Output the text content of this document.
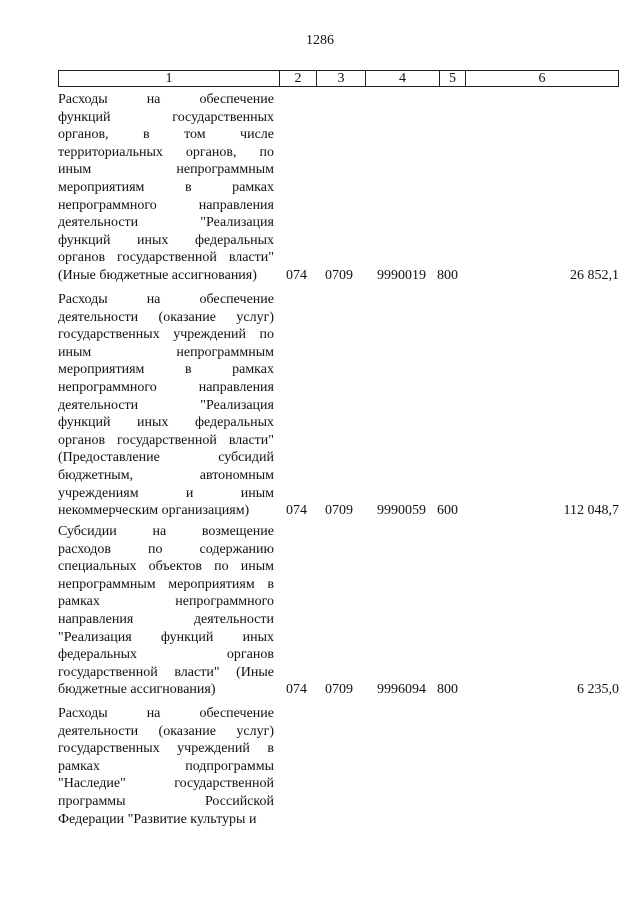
1286
1	2	3	4	5	6
Расходы на обеспечение
функций государственных
органов, в том числе
территориальных органов, по
иным непрограммным
мероприятиям в рамках
непрограммного направления
деятельности "Реализация
функций иных федеральных
органов государственной власти"
(Иные бюджетные ассигнования)	074 0709 9990019 800	26 852,1
Расходы на обеспечение
деятельности (оказание услуг)
государственных учреждений по
иным непрограммным
мероприятиям в рамках
непрограммного направления
деятельности "Реализация
функций иных федеральных
органов государственной власти"
(Предоставление субсидий
бюджетным, автономным
учреждениям и иным
некоммерческим организациям)	074 0709 9990059 600	112 048,7
Субсидии на возмещение
расходов по содержанию
специальных объектов по иным
непрограммным мероприятиям в
рамках непрограммного
направления деятельности
"Реализация функций иных
федеральных органов
государственной власти" (Иные
бюджетные ассигнования)	074 0709 9996094 800	6 235,0
Расходы на обеспечение
деятельности (оказание услуг)
государственных учреждений в
рамках подпрограммы
"Наследие" государственной
программы Российской
Федерации "Развитие культуры и
